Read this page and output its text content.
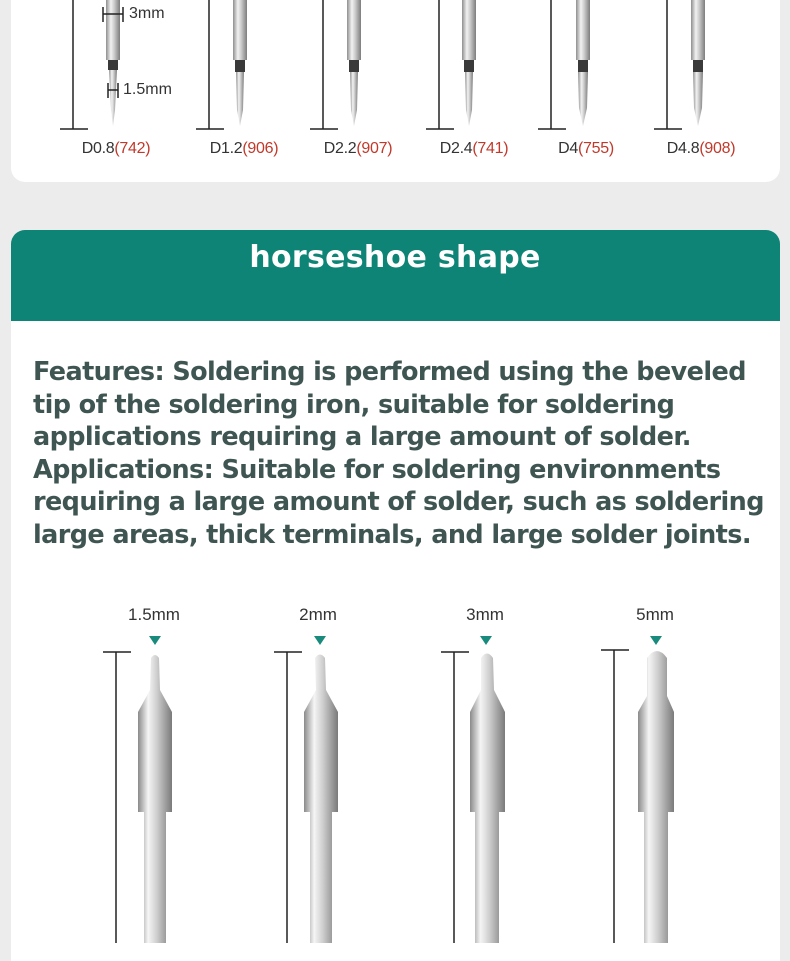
3mm
1.5mm
D0.8(742)	D1.2(906)	D2.2(907)	D2.4(741)	D4(755)	D4.8(908)
horseshoe shape

Features: Soldering is performed using the beveled tip of the soldering iron, suitable for soldering applications requiring a large amount of solder.

Applications: Suitable for soldering environments requiring a large amount of solder, such as soldering large areas, thick terminals, and large solder joints.

1.5mm	2mm	3mm	5mm
